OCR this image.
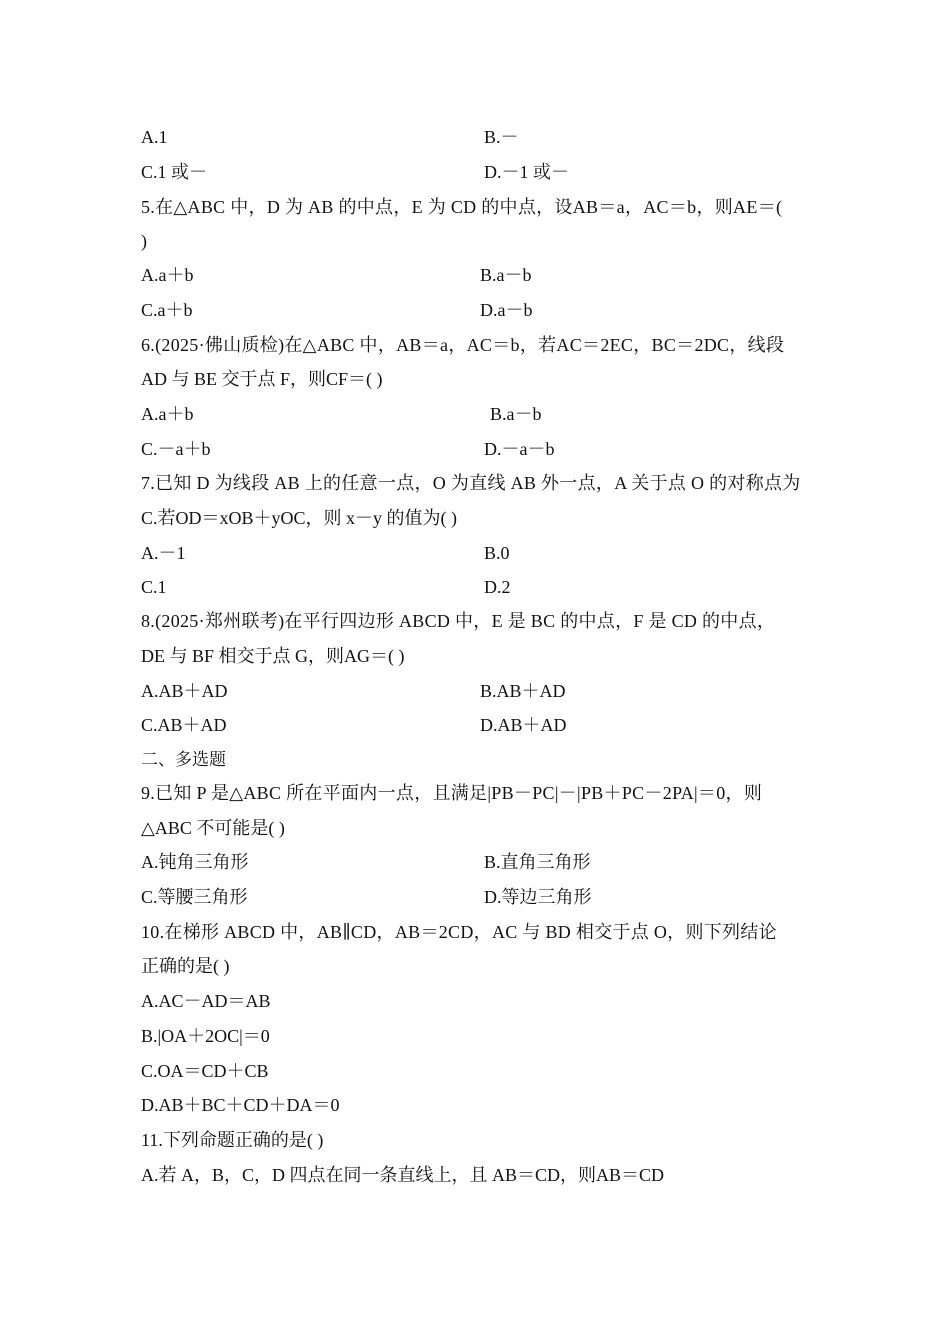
A.1	B.－
C.1 或－	D.－1 或－
5.在△ABC 中，D 为 AB 的中点，E 为 CD 的中点，设AB＝a，AC＝b，则AE＝(
)
A.a＋b	B.a－b
C.a＋b	D.a－b
6.(2025·佛山质检)在△ABC 中，AB＝a，AC＝b，若AC＝2EC，BC＝2DC，线段
AD 与 BE 交于点 F，则CF＝( )
A.a＋b	B.a－b
C.－a＋b	D.－a－b
7.已知 D 为线段 AB 上的任意一点，O 为直线 AB 外一点，A 关于点 O 的对称点为
C.若OD＝xOB＋yOC，则 x－y 的值为( )
A.－1	B.0
C.1	D.2
8.(2025·郑州联考)在平行四边形 ABCD 中，E 是 BC 的中点，F 是 CD 的中点，
DE 与 BF 相交于点 G，则AG＝( )
A.AB＋AD	B.AB＋AD
C.AB＋AD	D.AB＋AD
二、多选题
9.已知 P 是△ABC 所在平面内一点，且满足|PB－PC|－|PB＋PC－2PA|＝0，则
△ABC 不可能是( )
A.钝角三角形	B.直角三角形
C.等腰三角形	D.等边三角形
10.在梯形 ABCD 中，AB∥CD，AB＝2CD，AC 与 BD 相交于点 O，则下列结论
正确的是( )
A.AC－AD＝AB
B.|OA＋2OC|＝0
C.OA＝CD＋CB
D.AB＋BC＋CD＋DA＝0
11.下列命题正确的是( )
A.若 A，B，C，D 四点在同一条直线上，且 AB＝CD，则AB＝CD
